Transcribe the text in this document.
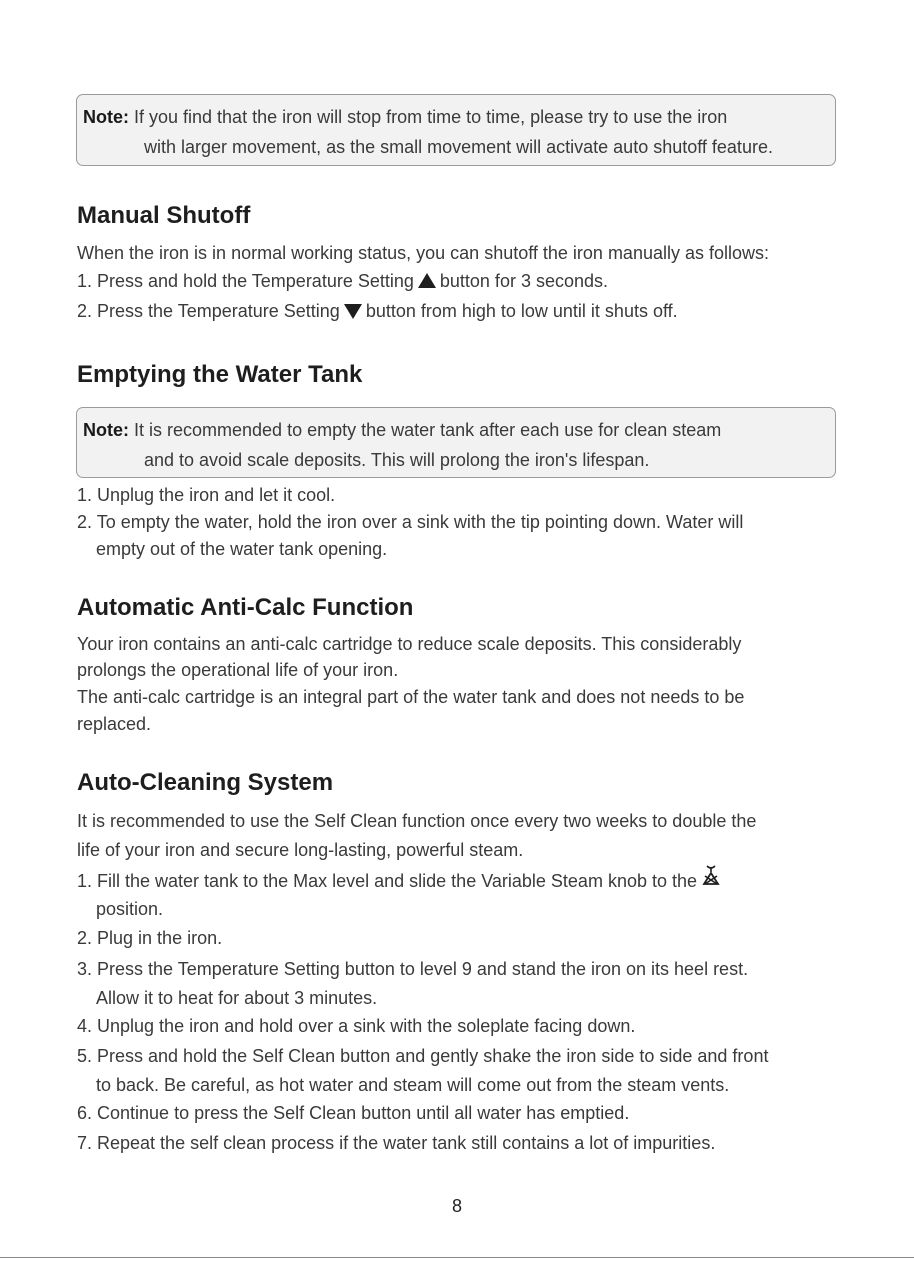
Note: If you find that the iron will stop from time to time, please try to use the iron
with larger movement, as the small movement will activate auto shutoff feature.
Manual Shutoff

When the iron is in normal working status, you can shutoff the iron manually as follows:

1. Press and hold the Temperature Setting button for 3 seconds.

2. Press the Temperature Setting button from high to low until it shuts off.

Emptying the Water Tank
Note: It is recommended to empty the water tank after each use for clean steam
and to avoid scale deposits. This will prolong the iron's lifespan.

1. Unplug the iron and let it cool.

2. To empty the water, hold the iron over a sink with the tip pointing down. Water will

empty out of the water tank opening.

Automatic Anti-Calc Function

Your iron contains an anti-calc cartridge to reduce scale deposits. This considerably

prolongs the operational life of your iron.

The anti-calc cartridge is an integral part of the water tank and does not needs to be

replaced.

Auto-Cleaning System

It is recommended to use the Self Clean function once every two weeks to double the

life of your iron and secure long-lasting, powerful steam.

1. Fill the water tank to the Max level and slide the Variable Steam knob to the

position.

2. Plug in the iron.

3. Press the Temperature Setting button to level 9 and stand the iron on its heel rest.

Allow it to heat for about 3 minutes.

4. Unplug the iron and hold over a sink with the soleplate facing down.

5. Press and hold the Self Clean button and gently shake the iron side to side and front

to back. Be careful, as hot water and steam will come out from the steam vents.

6. Continue to press the Self Clean button until all water has emptied.

7. Repeat the self clean process if the water tank still contains a lot of impurities.

8
